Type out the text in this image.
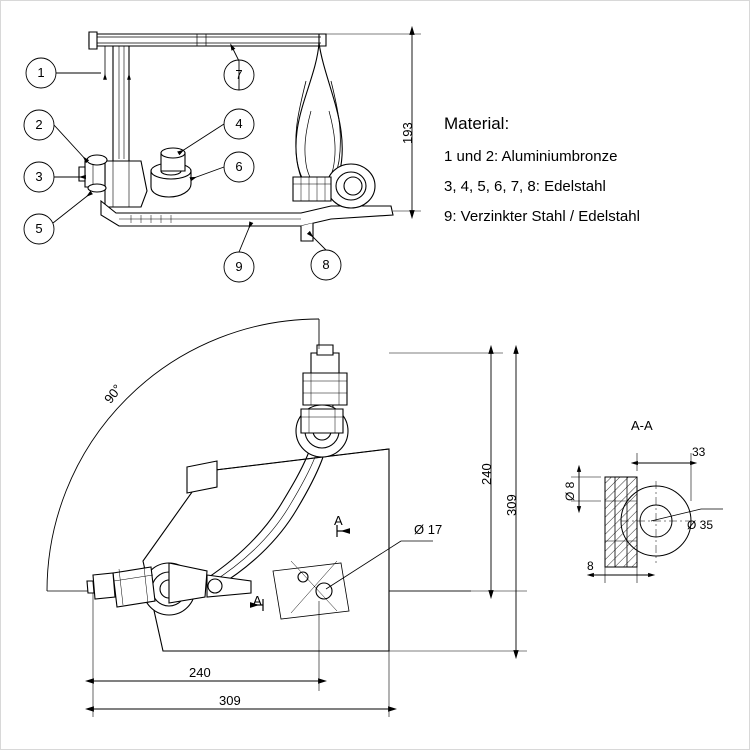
Material:
1 und 2: Aluminiumbronze
3, 4, 5, 6, 7, 8: Edelstahl
9: Verzinkter Stahl / Edelstahl
1
2
3
5
4
6
7
9	8
193
90°
240
309
240
309
Ø 17
A
A
A-A
33
Ø 8
8
Ø 35
